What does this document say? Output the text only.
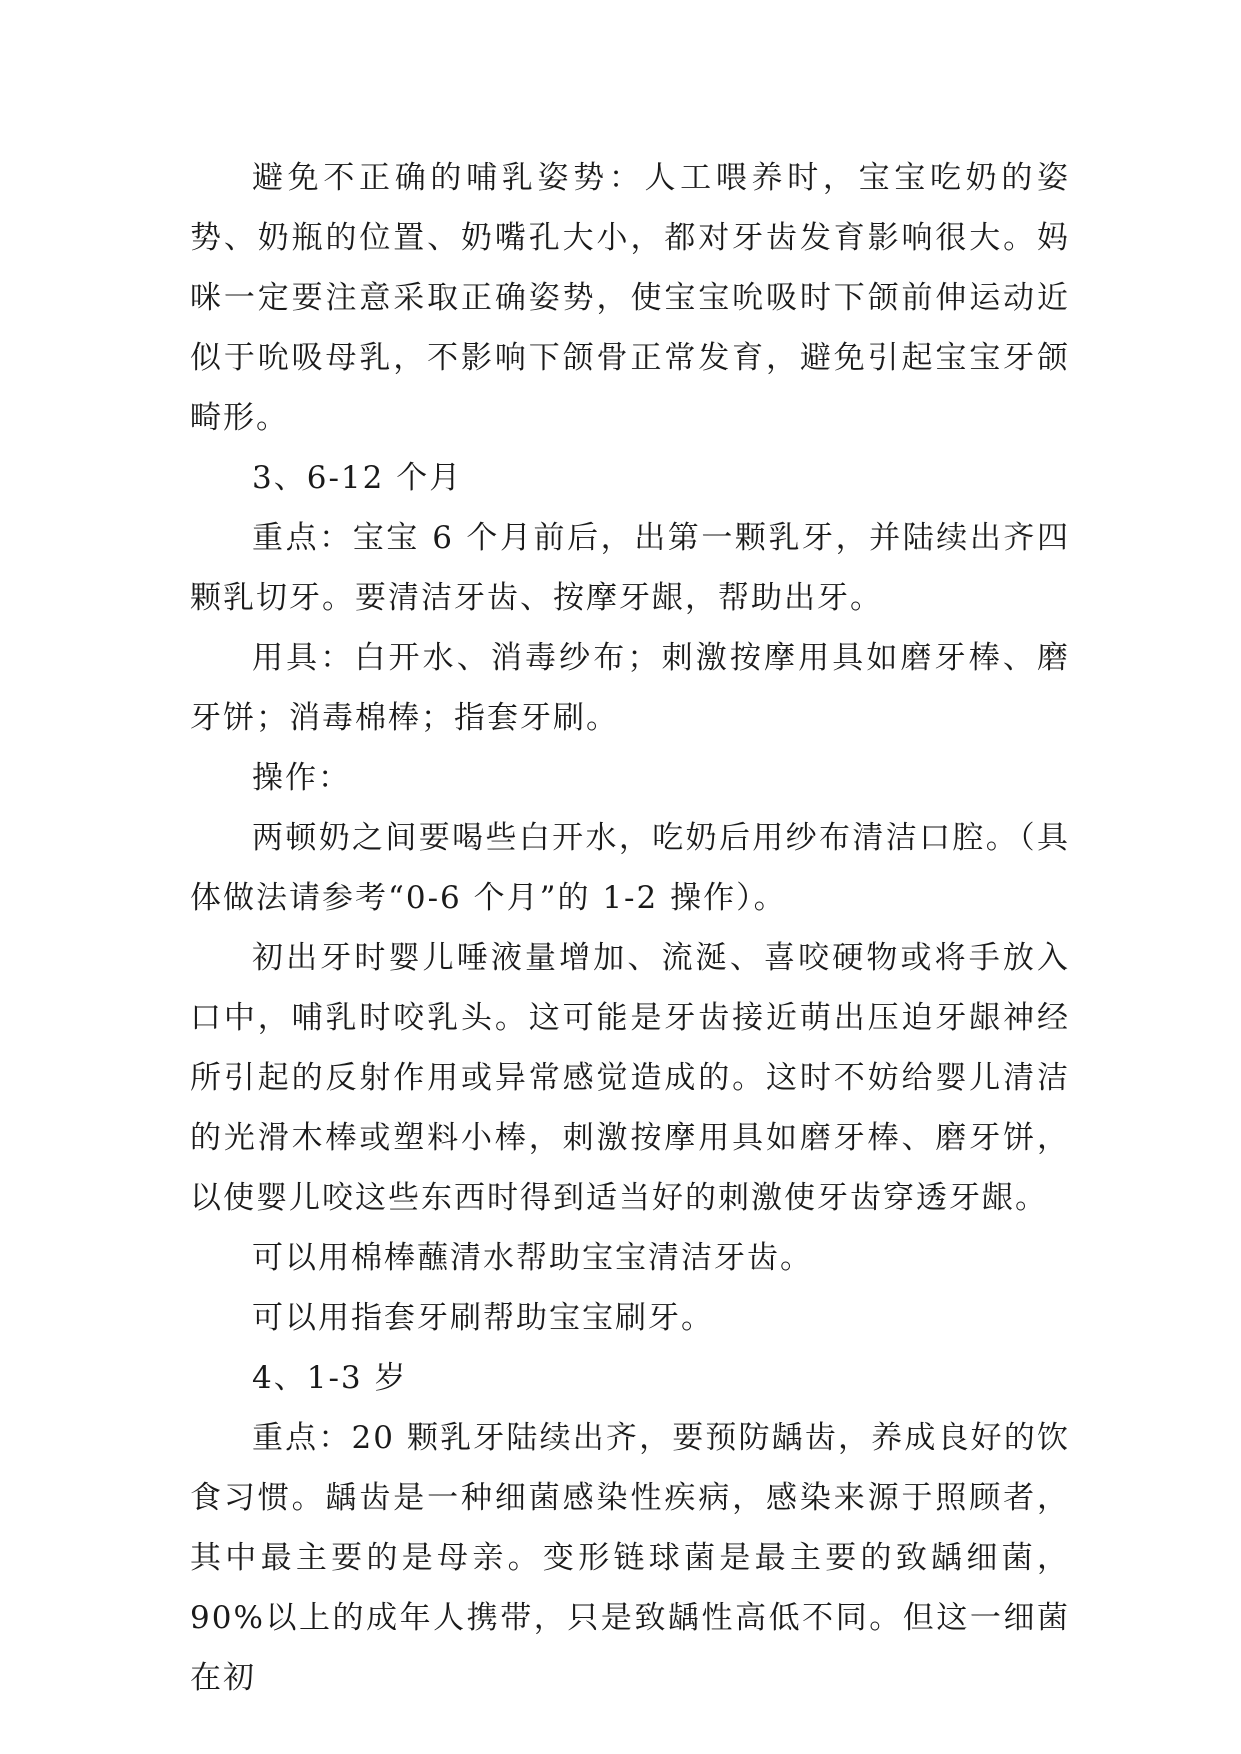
避免不正确的哺乳姿势：人工喂养时，宝宝吃奶的姿势、奶瓶的位置、奶嘴孔大小，都对牙齿发育影响很大。妈咪一定要注意采取正确姿势，使宝宝吮吸时下颌前伸运动近似于吮吸母乳，不影响下颌骨正常发育，避免引起宝宝牙颌畸形。

3、6-12 个月

重点：宝宝 6 个月前后，出第一颗乳牙，并陆续出齐四颗乳切牙。要清洁牙齿、按摩牙龈，帮助出牙。

用具：白开水、消毒纱布；刺激按摩用具如磨牙棒、磨牙饼；消毒棉棒；指套牙刷。

操作：

两顿奶之间要喝些白开水，吃奶后用纱布清洁口腔。（具体做法请参考“0-6 个月”的 1-2 操作）。

初出牙时婴儿唾液量增加、流涎、喜咬硬物或将手放入口中，哺乳时咬乳头。这可能是牙齿接近萌出压迫牙龈神经所引起的反射作用或异常感觉造成的。这时不妨给婴儿清洁的光滑木棒或塑料小棒，刺激按摩用具如磨牙棒、磨牙饼，以使婴儿咬这些东西时得到适当好的刺激使牙齿穿透牙龈。

可以用棉棒蘸清水帮助宝宝清洁牙齿。

可以用指套牙刷帮助宝宝刷牙。

4、1-3 岁

重点：20 颗乳牙陆续出齐，要预防龋齿，养成良好的饮食习惯。龋齿是一种细菌感染性疾病，感染来源于照顾者，其中最主要的是母亲。变形链球菌是最主要的致龋细菌，90%以上的成年人携带，只是致龋性高低不同。但这一细菌在初
